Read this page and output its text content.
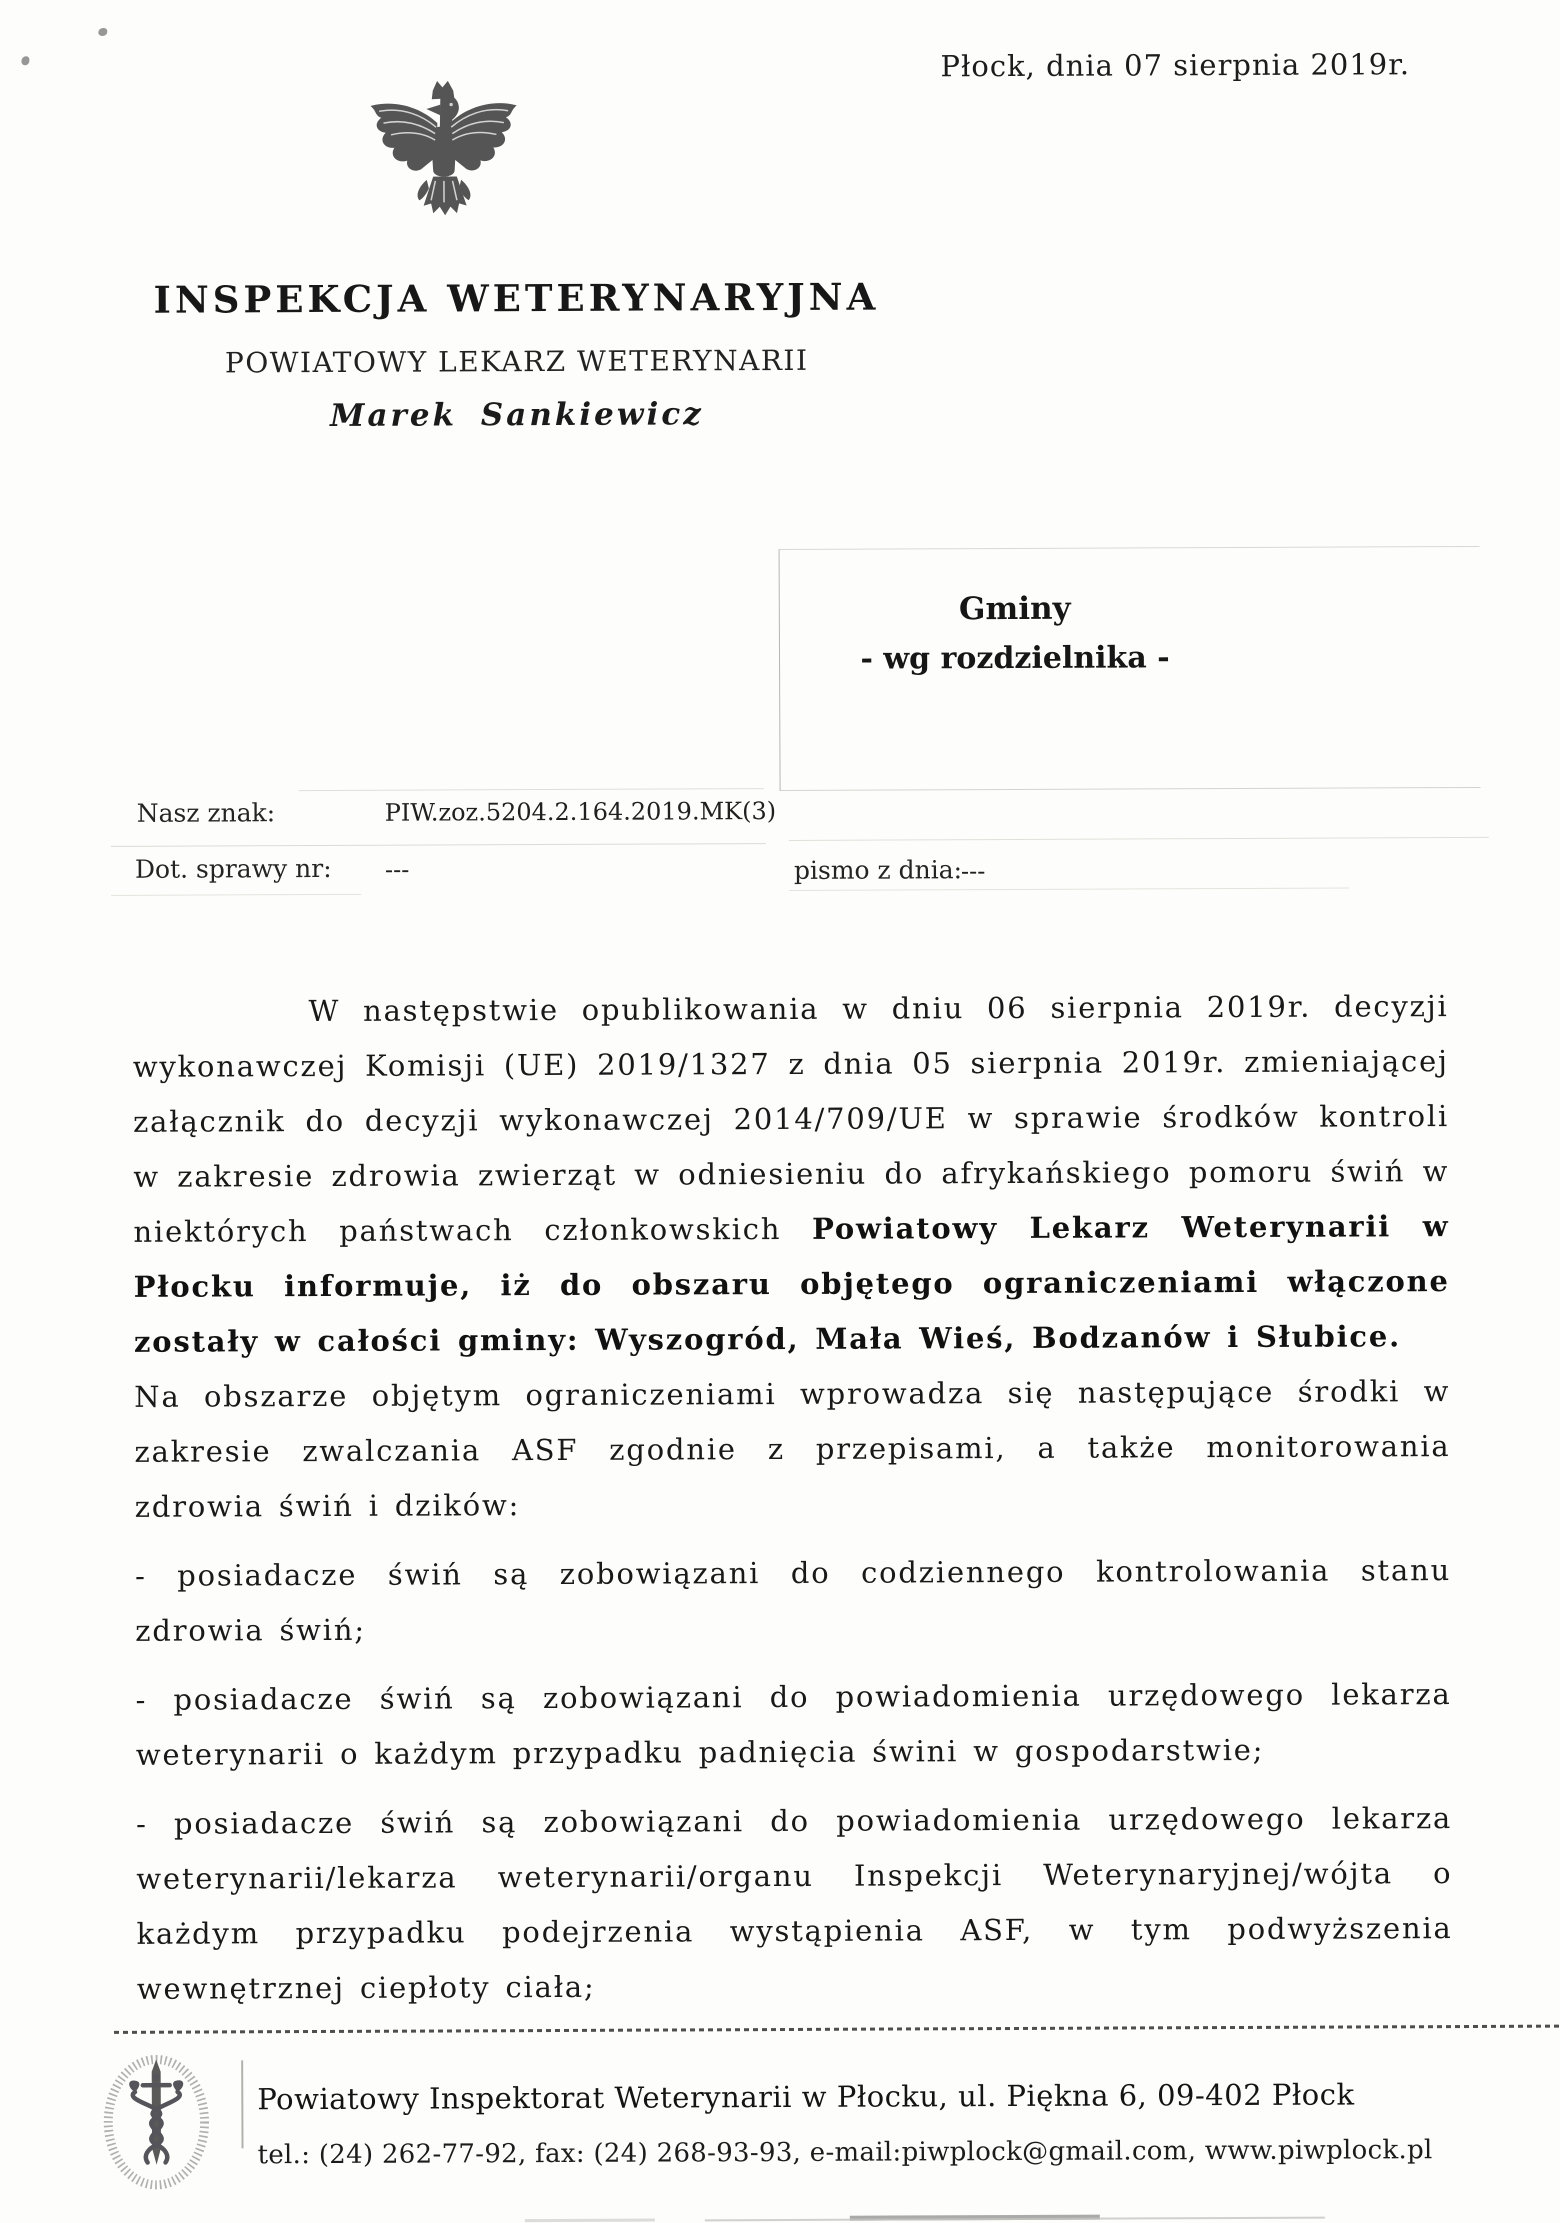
Płock, dnia 07 sierpnia 2019r.
INSPEKCJA WETERYNARYJNA
POWIATOWY LEKARZ WETERYNARII
Marek Sankiewicz
Gminy
- wg rozdzielnika -
Nasz znak:	PIW.zoz.5204.2.164.2019.MK(3)
Dot. sprawy nr: ---	pismo z dnia:
---

W następstwie opublikowania w dniu 06 sierpnia 2019r. decyzji wykonawczej Komisji (UE) 2019/1327 z dnia 05 sierpnia 2019r. zmieniającej załącznik do decyzji wykonawczej 2014/709/UE w sprawie środków kontroli w zakresie zdrowia zwierząt w odniesieniu do afrykańskiego pomoru świń w niektórych państwach członkowskich Powiatowy Lekarz Weterynarii w Płocku informuje, iż do obszaru objętego ograniczeniami włączone zostały w całości gminy: Wyszogród, Mała Wieś, Bodzanów i Słubice.

Na obszarze objętym ograniczeniami wprowadza się następujące środki w zakresie zwalczania ASF zgodnie z przepisami, a także monitorowania zdrowia świń i dzików:

- posiadacze świń są zobowiązani do codziennego kontrolowania stanu zdrowia świń;

- posiadacze świń są zobowiązani do powiadomienia urzędowego lekarza weterynarii o każdym przypadku padnięcia świni w gospodarstwie;

- posiadacze świń są zobowiązani do powiadomienia urzędowego lekarza weterynarii/lekarza weterynarii/organu Inspekcji Weterynaryjnej/wójta o każdym przypadku podejrzenia wystąpienia ASF, w tym podwyższenia wewnętrznej ciepłoty ciała;

Powiatowy Inspektorat Weterynarii w Płocku, ul. Piękna 6, 09-402 Płock
tel.: (24) 262-77-92, fax: (24) 268-93-93, e-mail:piwplock@gmail.com, www.piwplock.pl
